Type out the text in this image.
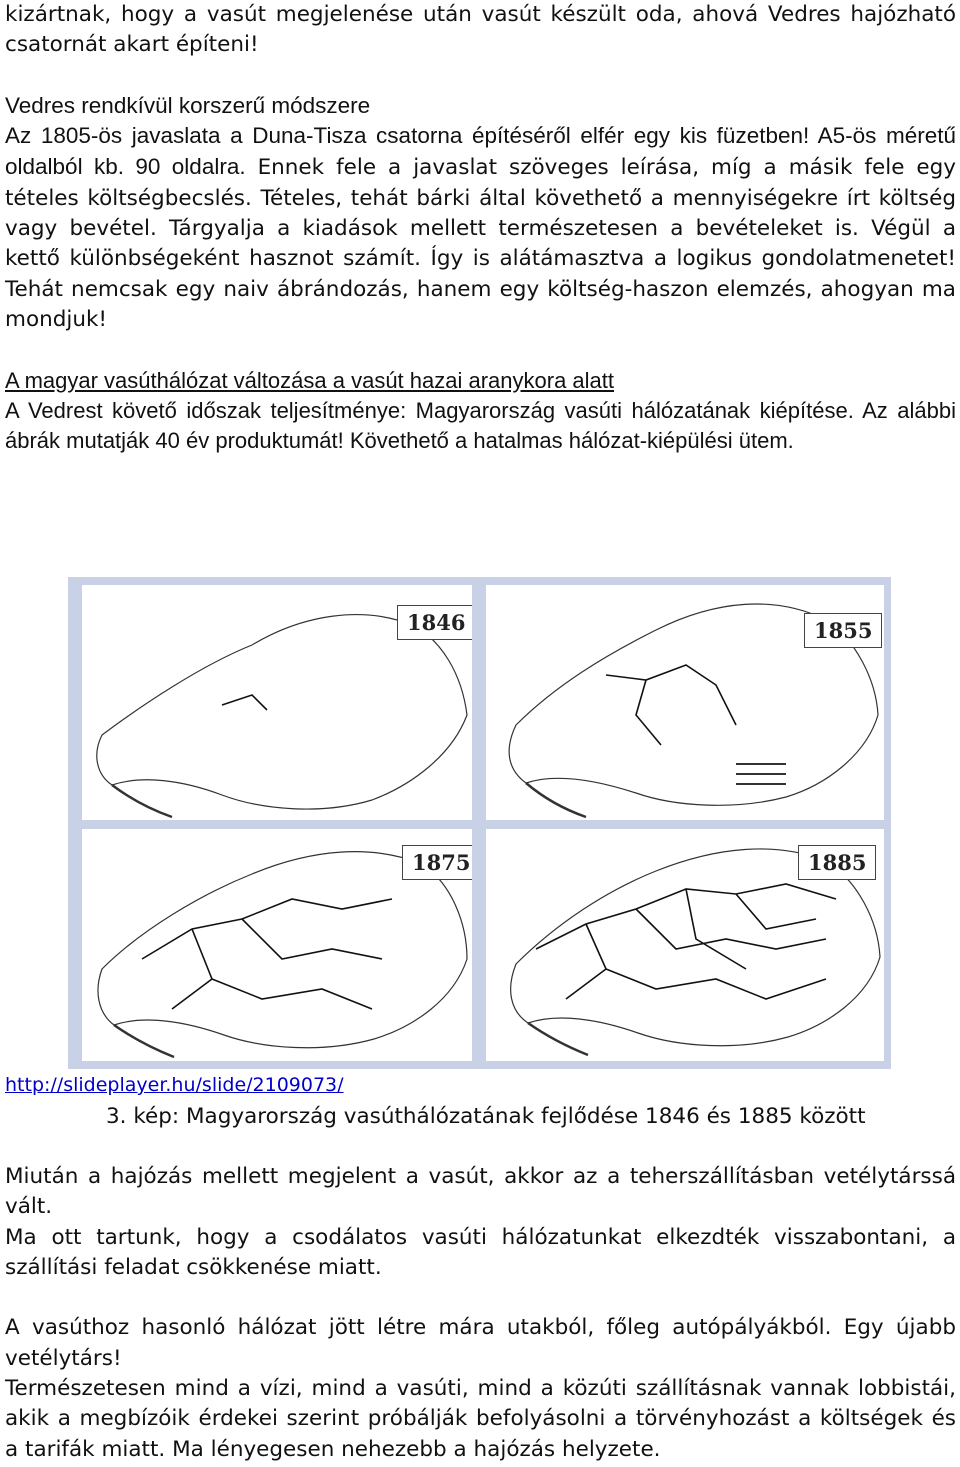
kizártnak, hogy a vasút megjelenése után vasút készült oda, ahová Vedres hajózható csatornát akart építeni!

Vedres rendkívül korszerű módszere

Az 1805-ös javaslata a Duna-Tisza csatorna építéséről elfér egy kis füzetben! A5-ös méretű oldalból kb. 90 oldalra. Ennek fele a javaslat szöveges leírása, míg a másik fele egy tételes költségbecslés. Tételes, tehát bárki által követhető a mennyiségekre írt költség vagy bevétel. Tárgyalja a kiadások mellett természetesen a bevételeket is. Végül a kettő különbségeként hasznot számít. Így is alátámasztva a logikus gondolatmenetet! Tehát nemcsak egy naiv ábrándozás, hanem egy költség-haszon elemzés, ahogyan ma mondjuk!

A magyar vasúthálózat változása a vasút hazai aranykora alatt

A Vedrest követő időszak teljesítménye: Magyarország vasúti hálózatának kiépítése. Az alábbi ábrák mutatják 40 év produktumát! Követhető a hatalmas hálózat-kiépülési ütem.

1846	1855
1875	1885
http://slideplayer.hu/slide/2109073/
3. kép: Magyarország vasúthálózatának fejlődése 1846 és 1885 között

Miután a hajózás mellett megjelent a vasút, akkor az a teherszállításban vetélytárssá vált.

Ma ott tartunk, hogy a csodálatos vasúti hálózatunkat elkezdték visszabontani, a szállítási feladat csökkenése miatt.

A vasúthoz hasonló hálózat jött létre mára utakból, főleg autópályákból. Egy újabb vetélytárs!

Természetesen mind a vízi, mind a vasúti, mind a közúti szállításnak vannak lobbistái, akik a megbízóik érdekei szerint próbálják befolyásolni a törvényhozást a költségek és a tarifák miatt. Ma lényegesen nehezebb a hajózás helyzete.
